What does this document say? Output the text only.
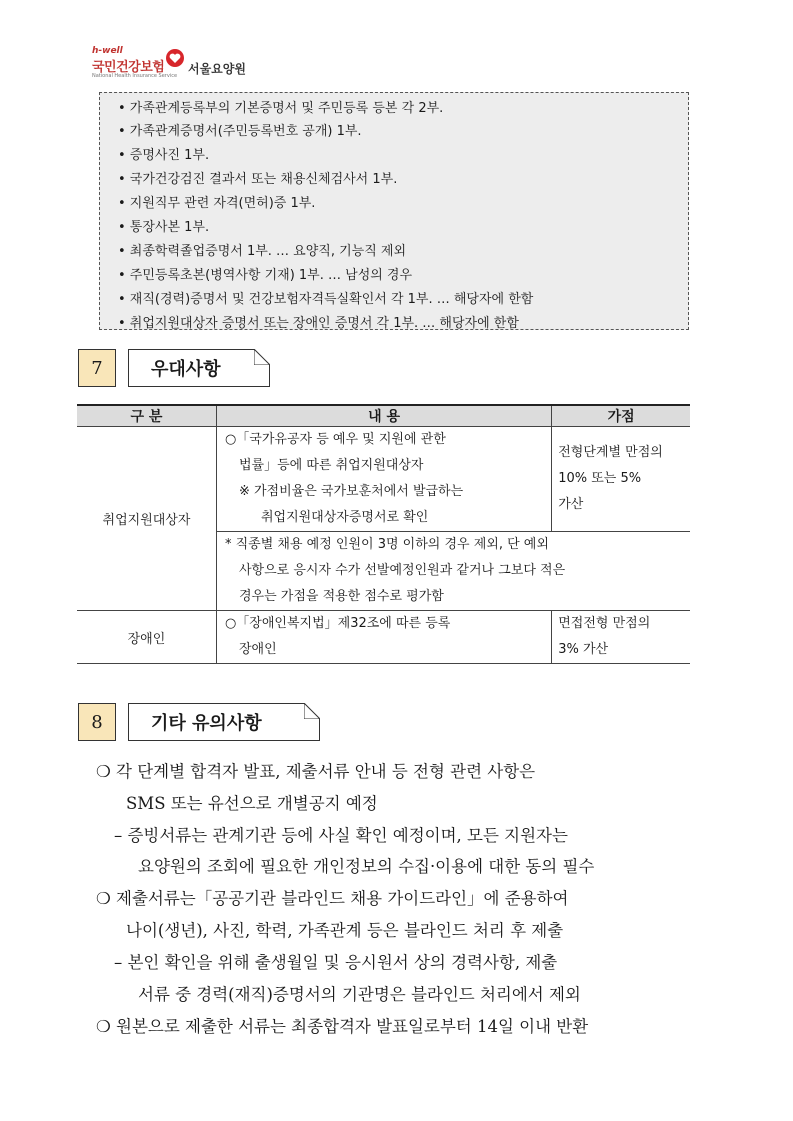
h-well
국민건강보험
National Health Insurance Service 서울요양원
• 가족관계등록부의 기본증명서 및 주민등록 등본 각 2부.
• 가족관계증명서(주민등록번호 공개) 1부.
• 증명사진 1부.
• 국가건강검진 결과서 또는 채용신체검사서 1부.
• 지원직무 관련 자격(면허)증 1부.
• 통장사본 1부.
• 최종학력졸업증명서 1부. … 요양직, 기능직 제외
• 주민등록초본(병역사항 기재) 1부. … 남성의 경우
• 재직(경력)증명서 및 건강보험자격득실확인서 각 1부. … 해당자에 한함
• 취업지원대상자 증명서 또는 장애인 증명서 각 1부. … 해당자에 한함
7	우대사항
구 분	내 용	가점
취업지원대상자	○「국가유공자 등 예우 및 지원에 관한
법률」등에 따른 취업지원대상자
※ 가점비율은 국가보훈처에서 발급하는
취업지원대상자증명서로 확인	전형단계별 만점의
10% 또는 5%
가산

	* 직종별 채용 예정 인원이 3명 이하의 경우 제외, 단 예외
사항으로 응시자 수가 선발예정인원과 같거나 그보다 적은
경우는 가점을 적용한 점수로 평가함	

장애인	○「장애인복지법」제32조에 따른 등록
장애인	면접전형 만점의
3% 가산
8	기타 유의사항
❍ 각 단계별 합격자 발표, 제출서류 안내 등 전형 관련 사항은
SMS 또는 유선으로 개별공지 예정
– 증빙서류는 관계기관 등에 사실 확인 예정이며, 모든 지원자는
요양원의 조회에 필요한 개인정보의 수집·이용에 대한 동의 필수
❍ 제출서류는「공공기관 블라인드 채용 가이드라인」에 준용하여
나이(생년), 사진, 학력, 가족관계 등은 블라인드 처리 후 제출
– 본인 확인을 위해 출생월일 및 응시원서 상의 경력사항, 제출
서류 중 경력(재직)증명서의 기관명은 블라인드 처리에서 제외
❍ 원본으로 제출한 서류는 최종합격자 발표일로부터 14일 이내 반환
